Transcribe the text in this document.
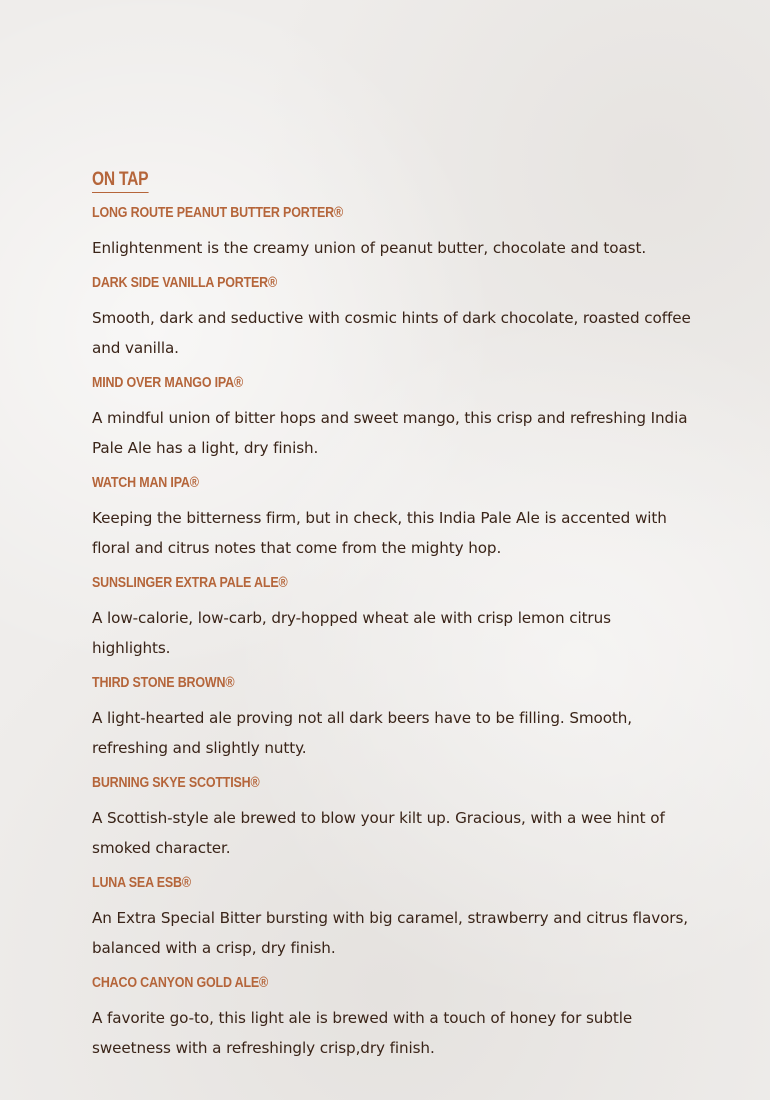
ON TAP
LONG ROUTE PEANUT BUTTER PORTER®
Enlightenment is the creamy union of peanut butter, chocolate and toast.
DARK SIDE VANILLA PORTER®
Smooth, dark and seductive with cosmic hints of dark chocolate, roasted coffee and vanilla.
MIND OVER MANGO IPA®
A mindful union of bitter hops and sweet mango, this crisp and refreshing India Pale Ale has a light, dry finish.
WATCH MAN IPA®
Keeping the bitterness firm, but in check, this India Pale Ale is accented with floral and citrus notes that come from the mighty hop.
SUNSLINGER EXTRA PALE ALE®
A low-calorie, low-carb, dry-hopped wheat ale with crisp lemon citrus highlights.
THIRD STONE BROWN®
A light-hearted ale proving not all dark beers have to be filling. Smooth, refreshing and slightly nutty.
BURNING SKYE SCOTTISH®
A Scottish-style ale brewed to blow your kilt up. Gracious, with a wee hint of smoked character.
LUNA SEA ESB®
An Extra Special Bitter bursting with big caramel, strawberry and citrus flavors, balanced with a crisp, dry finish.
CHACO CANYON GOLD ALE®
A favorite go-to, this light ale is brewed with a touch of honey for subtle sweetness with a refreshingly crisp,dry finish.
